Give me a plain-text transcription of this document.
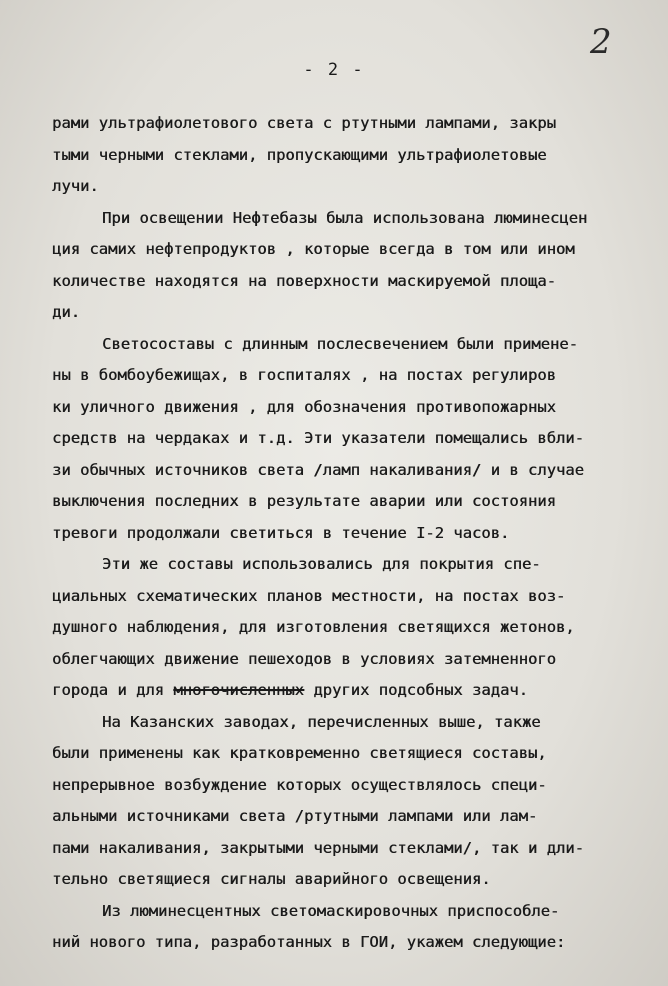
2
- 2 -
рами ультрафиолетового света с ртутными лампами, закры
тыми черными стеклами, пропускающими ультрафиолетовые
лучи.
При освещении Нефтебазы была использована люминесцен
ция самих нефтепродуктов , которые всегда в том или ином
количестве находятся на поверхности маскируемой площа-
ди.
Светосоставы с длинным послесвечением были примене-
ны в бомбоубежищах, в госпиталях , на постах регулиров
ки уличного движения , для обозначения противопожарных
средств на чердаках и т.д. Эти указатели помещались вбли-
зи обычных источников света /ламп накаливания/ и в случае
выключения последних в результате аварии или состояния
тревоги продолжали светиться в течение I-2 часов.
Эти же составы использовались для покрытия спе-
циальных схематических планов местности, на постах воз-
душного наблюдения, для изготовления светящихся жетонов,
облегчающих движение пешеходов в условиях затемненного
города и для многочисленных других подсобных задач.
На Казанских заводах, перечисленных выше, также
были применены как кратковременно светящиеся составы,
непрерывное возбуждение которых осуществлялось специ-
альными источниками света /ртутными лампами или лам-
пами накаливания, закрытыми черными стеклами/, так и дли-
тельно светящиеся сигналы аварийного освещения.
Из люминесцентных светомаскировочных приспособле-
ний нового типа, разработанных в ГОИ, укажем следующие:
